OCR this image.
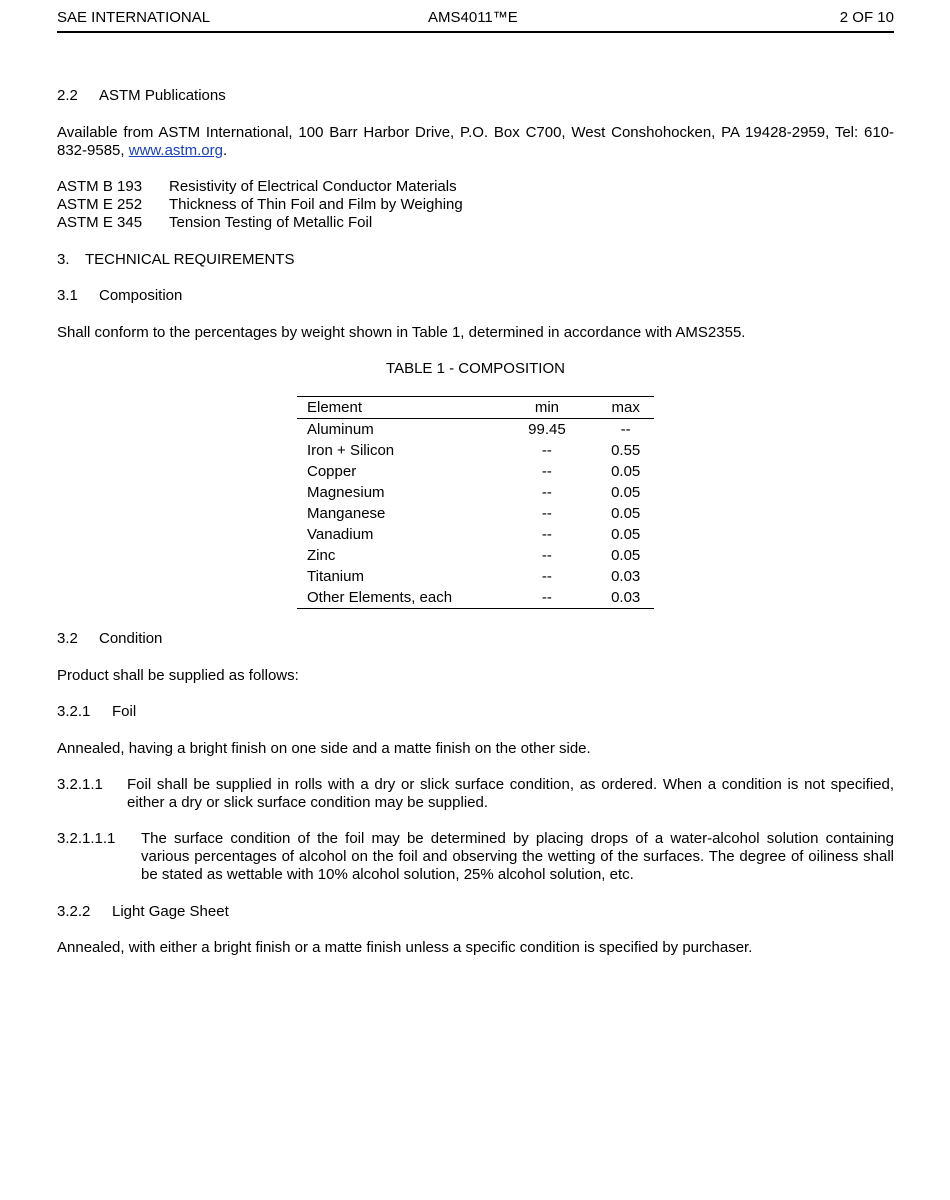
SAE INTERNATIONAL	AMS4011™E	2 OF 10
2.2 ASTM Publications
Available from ASTM International, 100 Barr Harbor Drive, P.O. Box C700, West Conshohocken, PA 19428-2959, Tel: 610-832-9585, www.astm.org.
ASTM B 193	Resistivity of Electrical Conductor Materials
ASTM E 252	Thickness of Thin Foil and Film by Weighing
ASTM E 345	Tension Testing of Metallic Foil
3. TECHNICAL REQUIREMENTS
3.1 Composition
Shall conform to the percentages by weight shown in Table 1, determined in accordance with AMS2355.
TABLE 1 - COMPOSITION
Element	min	max
Aluminum	99.45	--
Iron + Silicon	--	0.55
Copper	--	0.05
Magnesium	--	0.05
Manganese	--	0.05
Vanadium	--	0.05
Zinc	--	0.05
Titanium	--	0.03
Other Elements, each	--	0.03
3.2 Condition
Product shall be supplied as follows:
3.2.1 Foil
Annealed, having a bright finish on one side and a matte finish on the other side.
3.2.1.1 Foil shall be supplied in rolls with a dry or slick surface condition, as ordered. When a condition is not specified, either a dry or slick surface condition may be supplied.
3.2.1.1.1 The surface condition of the foil may be determined by placing drops of a water-alcohol solution containing various percentages of alcohol on the foil and observing the wetting of the surfaces. The degree of oiliness shall be stated as wettable with 10% alcohol solution, 25% alcohol solution, etc.
3.2.2 Light Gage Sheet
Annealed, with either a bright finish or a matte finish unless a specific condition is specified by purchaser.
